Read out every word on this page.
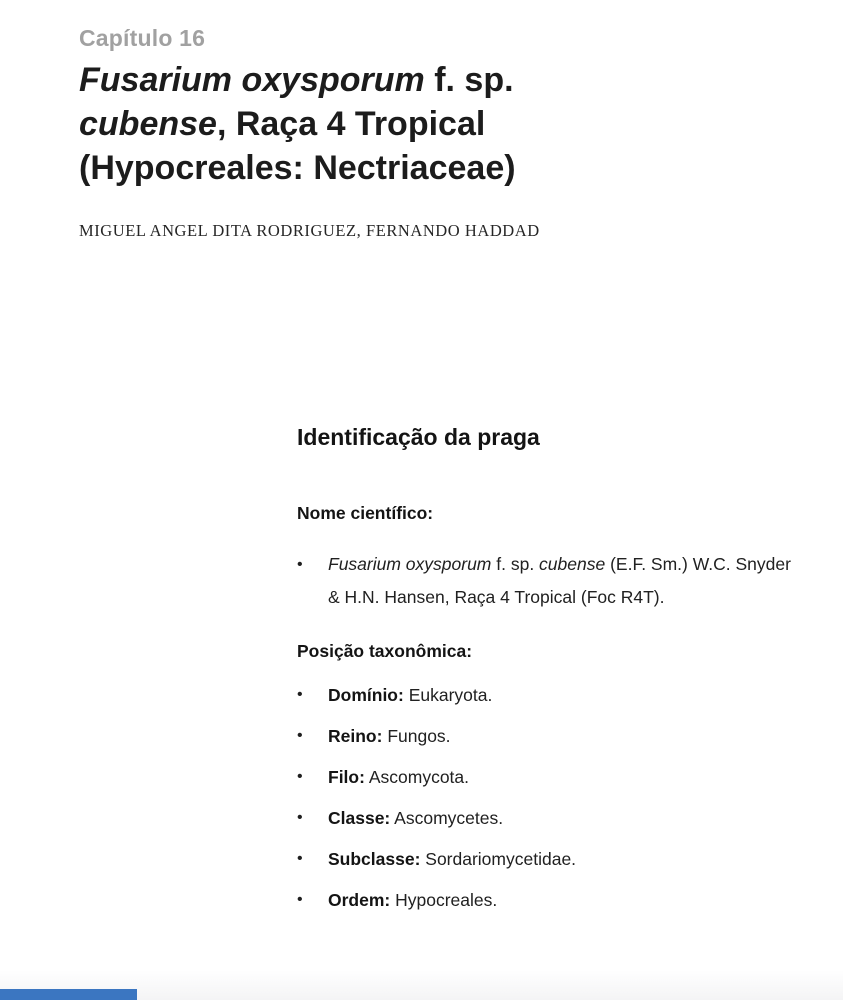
Capítulo 16
Fusarium oxysporum f. sp.
cubense, Raça 4 Tropical
(Hypocreales: Nectriaceae)
MIGUEL ANGEL DITA RODRIGUEZ, FERNANDO HADDAD
Identificação da praga
Nome científico:
•	Fusarium oxysporum f. sp. cubense (E.F. Sm.) W.C. Snyder & H.N. Hansen, Raça 4 Tropical (Foc R4T).
Posição taxonômica:
•	Domínio: Eukaryota.
•	Reino: Fungos.
•	Filo: Ascomycota.
•	Classe: Ascomycetes.
•	Subclasse: Sordariomycetidae.
•	Ordem: Hypocreales.
